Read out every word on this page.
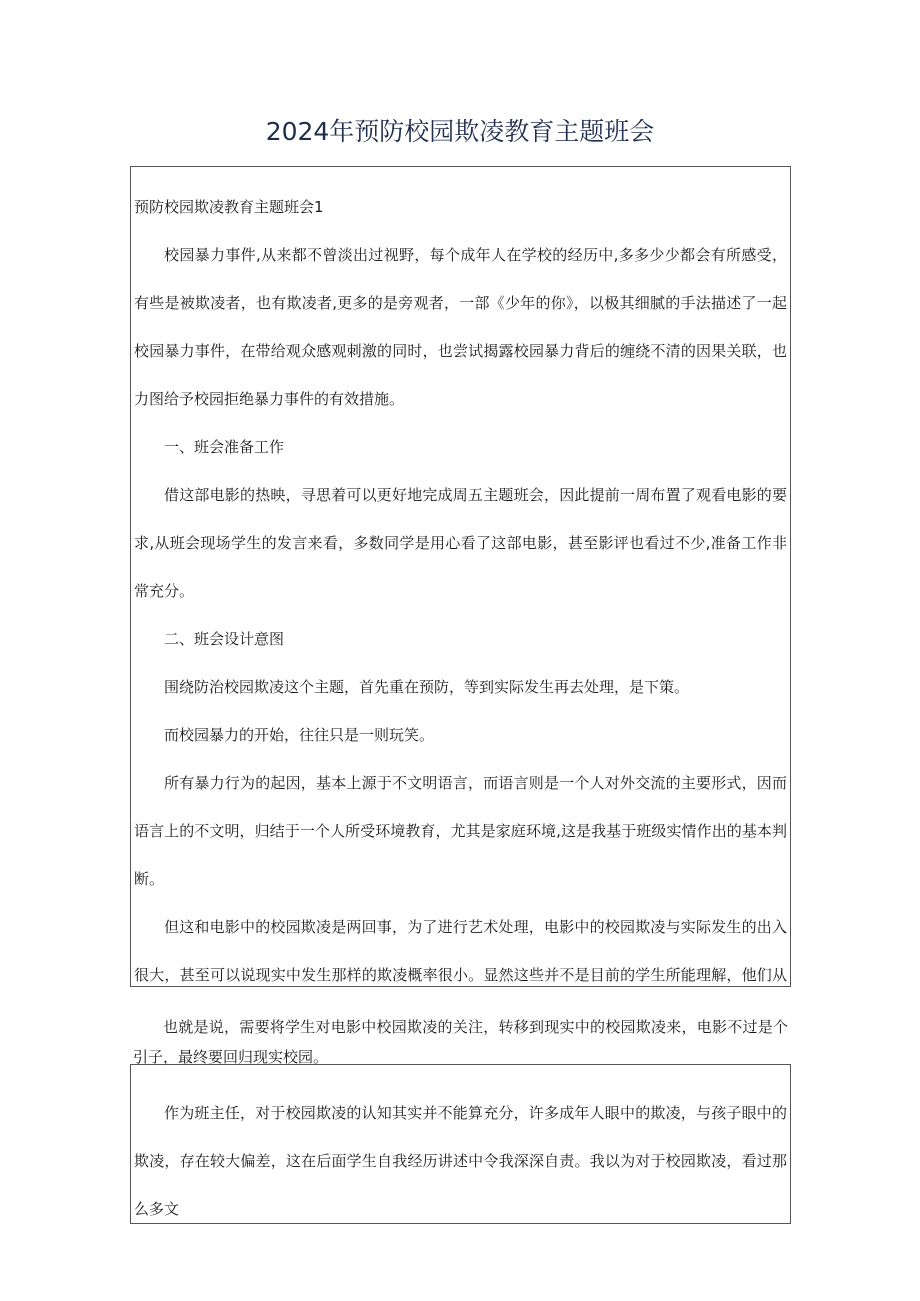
2024年预防校园欺凌教育主题班会

预防校园欺凌教育主题班会1

校园暴力事件,从来都不曾淡出过视野，每个成年人在学校的经历中,多多少少都会有所感受，有些是被欺凌者，也有欺凌者,更多的是旁观者，一部《少年的你》，以极其细腻的手法描述了一起校园暴力事件，在带给观众感观刺激的同时，也尝试揭露校园暴力背后的缠绕不清的因果关联，也力图给予校园拒绝暴力事件的有效措施。

一、班会准备工作

借这部电影的热映，寻思着可以更好地完成周五主题班会，因此提前一周布置了观看电影的要求,从班会现场学生的发言来看，多数同学是用心看了这部电影，甚至影评也看过不少,准备工作非常充分。

二、班会设计意图

围绕防治校园欺凌这个主题，首先重在预防，等到实际发生再去处理，是下策。

而校园暴力的开始，往往只是一则玩笑。

所有暴力行为的起因，基本上源于不文明语言，而语言则是一个人对外交流的主要形式，因而语言上的不文明，归结于一个人所受环境教育，尤其是家庭环境,这是我基于班级实情作出的基本判断。

但这和电影中的校园欺凌是两回事，为了进行艺术处理，电影中的校园欺凌与实际发生的出入很大，甚至可以说现实中发生那样的欺凌概率很小。显然这些并不是目前的学生所能理解，他们从

也就是说，需要将学生对电影中校园欺凌的关注，转移到现实中的校园欺凌来，电影不过是个引子，最终要回归现实校园。

作为班主任，对于校园欺凌的认知其实并不能算充分，许多成年人眼中的欺凌，与孩子眼中的欺凌，存在较大偏差，这在后面学生自我经历讲述中令我深深自责。我以为对于校园欺凌，看过那么多文
